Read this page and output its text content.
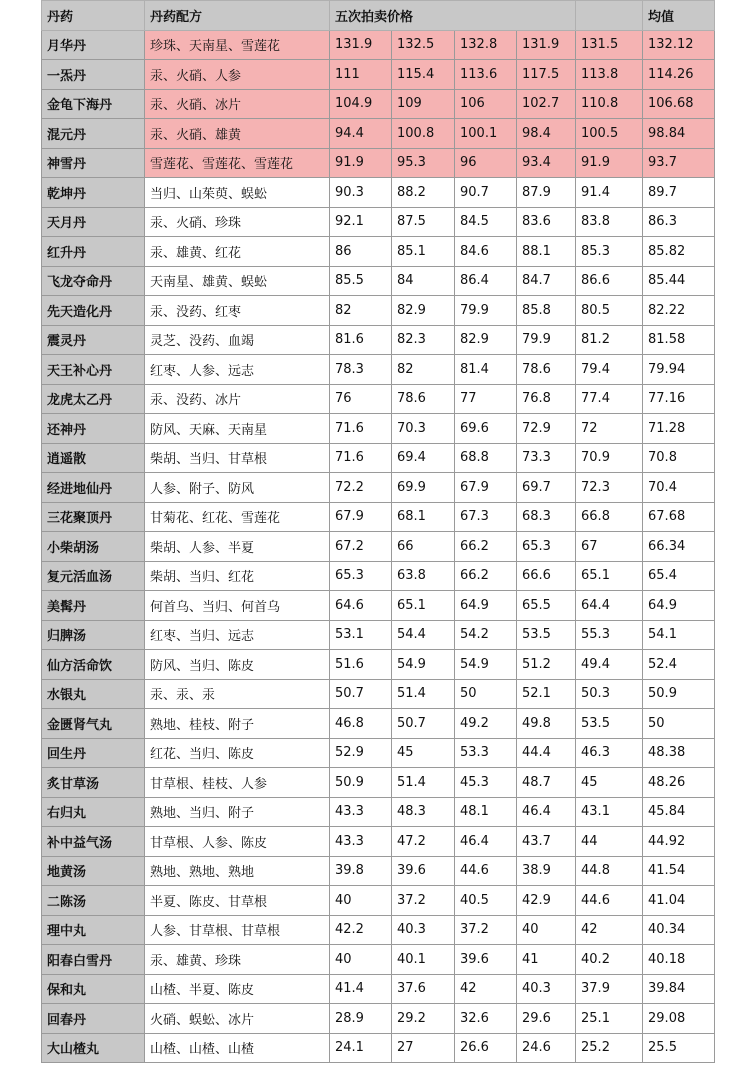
丹药	丹药配方	五次拍卖价格					均值
月华丹	珍珠、天南星、雪莲花	131.9	132.5	132.8	131.9	131.5	132.12
一炁丹	汞、火硝、人参	111	115.4	113.6	117.5	113.8	114.26
金龟下海丹	汞、火硝、冰片	104.9	109	106	102.7	110.8	106.68
混元丹	汞、火硝、雄黄	94.4	100.8	100.1	98.4	100.5	98.84
神雪丹	雪莲花、雪莲花、雪莲花	91.9	95.3	96	93.4	91.9	93.7
乾坤丹	当归、山茱萸、蜈蚣	90.3	88.2	90.7	87.9	91.4	89.7
天月丹	汞、火硝、珍珠	92.1	87.5	84.5	83.6	83.8	86.3
红升丹	汞、雄黄、红花	86	85.1	84.6	88.1	85.3	85.82
飞龙夺命丹	天南星、雄黄、蜈蚣	85.5	84	86.4	84.7	86.6	85.44
先天造化丹	汞、没药、红枣	82	82.9	79.9	85.8	80.5	82.22
震灵丹	灵芝、没药、血竭	81.6	82.3	82.9	79.9	81.2	81.58
天王补心丹	红枣、人参、远志	78.3	82	81.4	78.6	79.4	79.94
龙虎太乙丹	汞、没药、冰片	76	78.6	77	76.8	77.4	77.16
还神丹	防风、天麻、天南星	71.6	70.3	69.6	72.9	72	71.28
逍遥散	柴胡、当归、甘草根	71.6	69.4	68.8	73.3	70.9	70.8
经进地仙丹	人参、附子、防风	72.2	69.9	67.9	69.7	72.3	70.4
三花聚顶丹	甘菊花、红花、雪莲花	67.9	68.1	67.3	68.3	66.8	67.68
小柴胡汤	柴胡、人参、半夏	67.2	66	66.2	65.3	67	66.34
复元活血汤	柴胡、当归、红花	65.3	63.8	66.2	66.6	65.1	65.4
美髯丹	何首乌、当归、何首乌	64.6	65.1	64.9	65.5	64.4	64.9
归脾汤	红枣、当归、远志	53.1	54.4	54.2	53.5	55.3	54.1
仙方活命饮	防风、当归、陈皮	51.6	54.9	54.9	51.2	49.4	52.4
水银丸	汞、汞、汞	50.7	51.4	50	52.1	50.3	50.9
金匮肾气丸	熟地、桂枝、附子	46.8	50.7	49.2	49.8	53.5	50
回生丹	红花、当归、陈皮	52.9	45	53.3	44.4	46.3	48.38
炙甘草汤	甘草根、桂枝、人参	50.9	51.4	45.3	48.7	45	48.26
右归丸	熟地、当归、附子	43.3	48.3	48.1	46.4	43.1	45.84
补中益气汤	甘草根、人参、陈皮	43.3	47.2	46.4	43.7	44	44.92
地黄汤	熟地、熟地、熟地	39.8	39.6	44.6	38.9	44.8	41.54
二陈汤	半夏、陈皮、甘草根	40	37.2	40.5	42.9	44.6	41.04
理中丸	人参、甘草根、甘草根	42.2	40.3	37.2	40	42	40.34
阳春白雪丹	汞、雄黄、珍珠	40	40.1	39.6	41	40.2	40.18
保和丸	山楂、半夏、陈皮	41.4	37.6	42	40.3	37.9	39.84
回春丹	火硝、蜈蚣、冰片	28.9	29.2	32.6	29.6	25.1	29.08
大山楂丸	山楂、山楂、山楂	24.1	27	26.6	24.6	25.2	25.5
